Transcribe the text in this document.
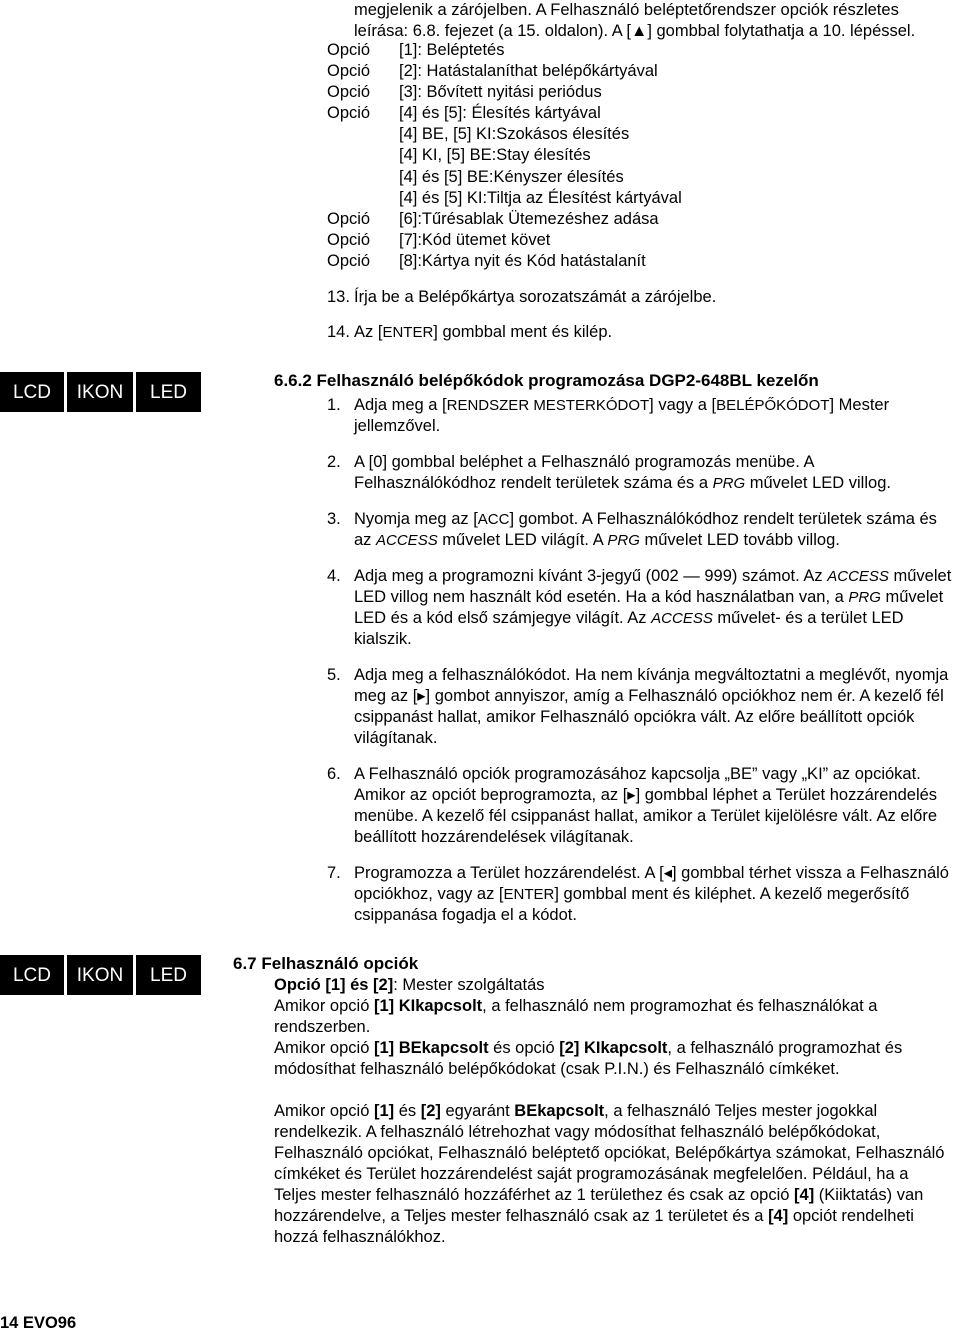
megjelenik a zárójelben. A Felhasználó beléptetőrendszer opciók részletes

leírása: 6.8. fejezet (a 15. oldalon). A [▲] gombbal folytathatja a 10. lépéssel.

Opció	[1]: Beléptetés
Opció	[2]: Hatástalaníthat belépőkártyával
Opció	[3]: Bővített nyitási periódus
Opció	[4] és [5]: Élesítés kártyával
[4] BE, [5] KI:Szokásos élesítés
[4] KI, [5] BE:Stay élesítés
[4] és [5] BE:Kényszer élesítés
[4] és [5] KI:Tiltja az Élesítést kártyával
Opció	[6]:Tűrésablak Ütemezéshez adása
Opció	[7]:Kód ütemet követ
Opció	[8]:Kártya nyit és Kód hatástalanít
13. Írja be a Belépőkártya sorozatszámát a zárójelbe.
14. Az [ENTER] gombbal ment és kilép.
LCD	IKON	LED
6.6.2 Felhasználó belépőkódok programozása DGP2-648BL kezelőn
1. Adja meg a [RENDSZER MESTERKÓDOT] vagy a [BELÉPŐKÓDOT] Mester jellemzővel.
2. A [0] gombbal beléphet a Felhasználó programozás menübe. A Felhasználókódhoz rendelt területek száma és a PRG művelet LED villog.
3. Nyomja meg az [ACC] gombot. A Felhasználókódhoz rendelt területek száma és az ACCESS művelet LED világít. A PRG művelet LED tovább villog.
4. Adja meg a programozni kívánt 3-jegyű (002 — 999) számot. Az ACCESS művelet LED villog nem használt kód esetén. Ha a kód használatban van, a PRG művelet LED és a kód első számjegye világít. Az ACCESS művelet- és a terület LED kialszik.
5. Adja meg a felhasználókódot. Ha nem kívánja megváltoztatni a meglévőt, nyomja meg az [▸] gombot annyiszor, amíg a Felhasználó opciókhoz nem ér. A kezelő fél csippanást hallat, amikor Felhasználó opciókra vált. Az előre beállított opciók világítanak.
6. A Felhasználó opciók programozásához kapcsolja „BE” vagy „KI” az opciókat. Amikor az opciót beprogramozta, az [▸] gombbal léphet a Terület hozzárendelés menübe. A kezelő fél csippanást hallat, amikor a Terület kijelölésre vált. Az előre beállított hozzárendelések világítanak.
7. Programozza a Terület hozzárendelést. A [◂] gombbal térhet vissza a Felhasználó opciókhoz, vagy az [ENTER] gombbal ment és kiléphet. A kezelő megerősítő csippanása fogadja el a kódot.
LCD	IKON	LED
6.7 Felhasználó opciók

Opció [1] és [2]: Mester szolgáltatás

Amikor opció [1] KIkapcsolt, a felhasználó nem programozhat és felhasználókat a rendszerben.

Amikor opció [1] BEkapcsolt és opció [2] KIkapcsolt, a felhasználó programozhat és módosíthat felhasználó belépőkódokat (csak P.I.N.) és Felhasználó címkéket.

Amikor opció [1] és [2] egyaránt BEkapcsolt, a felhasználó Teljes mester jogokkal rendelkezik. A felhasználó létrehozhat vagy módosíthat felhasználó belépőkódokat, Felhasználó opciókat, Felhasználó beléptető opciókat, Belépőkártya számokat, Felhasználó címkéket és Terület hozzárendelést saját programozásának megfelelően. Például, ha a Teljes mester felhasználó hozzáférhet az 1 területhez és csak az opció [4] (Kiiktatás) van hozzárendelve, a Teljes mester felhasználó csak az 1 területet és a [4] opciót rendelheti hozzá felhasználókhoz.

14 EVO96
